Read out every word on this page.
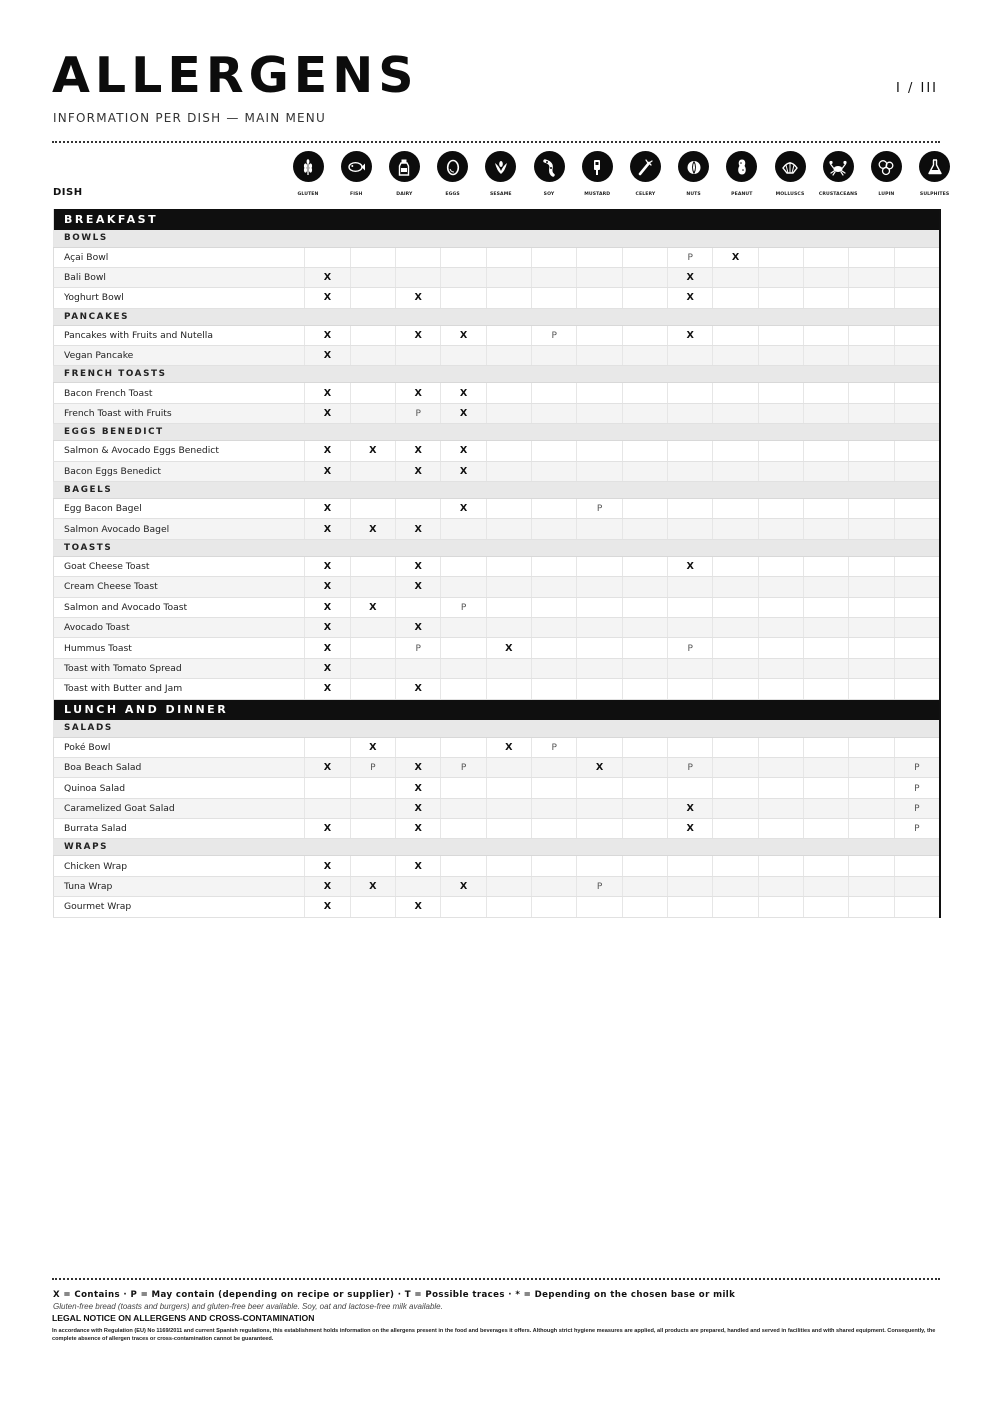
ALLERGENS
INFORMATION PER DISH — MAIN MENU
I / III
DISH	GLUTEN	FISH	DAIRY	EGGS	SESAME	SOY	MUSTARD	CELERY	NUTS	PEANUT	MOLLUSCS	CRUSTACEANS	LUPIN	SULPHITES
BREAKFAST														
BOWLS														
Açai Bowl									P	X				
Bali Bowl	X								X					
Yoghurt Bowl	X		X						X					
PANCAKES														
Pancakes with Fruits and Nutella	X		X	X		P			X					
Vegan Pancake	X													
FRENCH TOASTS														
Bacon French Toast	X		X	X										
French Toast with Fruits	X		P	X										
EGGS BENEDICT														
Salmon & Avocado Eggs Benedict	X	X	X	X										
Bacon Eggs Benedict	X		X	X										
BAGELS														
Egg Bacon Bagel	X			X			P							
Salmon Avocado Bagel	X	X	X											
TOASTS														
Goat Cheese Toast	X		X						X					
Cream Cheese Toast	X		X											
Salmon and Avocado Toast	X	X		P										
Avocado Toast	X		X											
Hummus Toast	X		P		X				P					
Toast with Tomato Spread	X													
Toast with Butter and Jam	X		X											
LUNCH AND DINNER														
SALADS														
Poké Bowl		X			X	P								
Boa Beach Salad	X	P	X	P			X		P					P
Quinoa Salad			X											P
Caramelized Goat Salad			X						X					P
Burrata Salad	X		X						X					P
WRAPS														
Chicken Wrap	X		X											
Tuna Wrap	X	X		X			P							
Gourmet Wrap	X		X											
X = Contains · P = May contain (depending on recipe or supplier) · T = Possible traces · * = Depending on the chosen base or milk
Gluten-free bread (toasts and burgers) and gluten-free beer available. Soy, oat and lactose-free milk available.
LEGAL NOTICE ON ALLERGENS AND CROSS-CONTAMINATION
In accordance with Regulation (EU) No 1169/2011 and current Spanish regulations, this establishment holds information on the allergens present in the food and beverages it offers. Although strict hygiene measures are applied, all products are prepared, handled and served in facilities and with shared equipment. Consequently, the complete absence of allergen traces or cross-contamination cannot be guaranteed.
